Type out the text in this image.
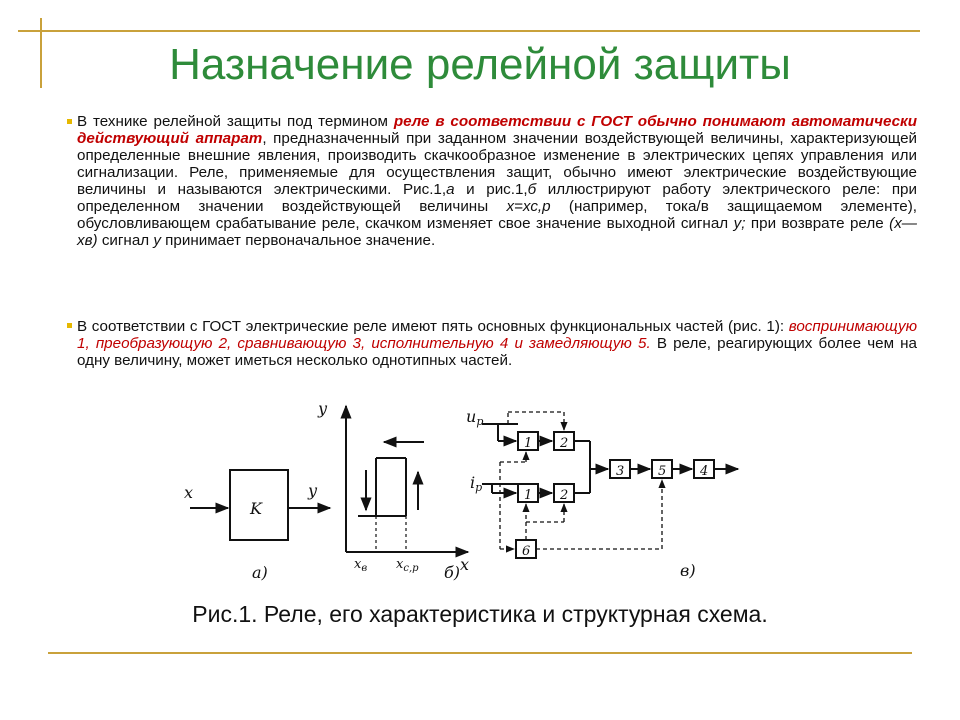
Назначение релейной защиты
В технике релейной защиты под термином реле в соответствии с ГОСТ обычно понимают автоматически действующий аппарат, предназначенный при заданном значении воздействующей величины, характеризующей определенные внешние явления, производить скачкообразное изменение в электрических цепях управления или сигнализации. Реле, применяемые для осуществления защит, обычно имеют электрические воздействующие величины и называются электрическими. Рис.1,а и рис.1,б иллюстрируют работу электрического реле: при определенном значении воздействующей величины х=хс,р (например, тока/в защищаемом элементе), обусловливающем срабатывание реле, скачком изменяет свое значение выходной сигнал у; при возврате реле (х—хв) сигнал у принимает первоначальное значение.
В соответствии с ГОСТ электрические реле имеют пять основных функциональных частей (рис. 1): воспринимающую 1, преобразующую 2, сравнивающую 3, исполнительную 4 и замедляющую 5. В реле, реагирующих более чем на одну величину, может иметься несколько однотипных частей.
x	y
K
а)
y
x
$x_в$ $x_{с,р}$ б)
uр
iр
1 2
1 2
3	5	4
6
в)
Рис.1. Реле, его характеристика и структурная схема.
